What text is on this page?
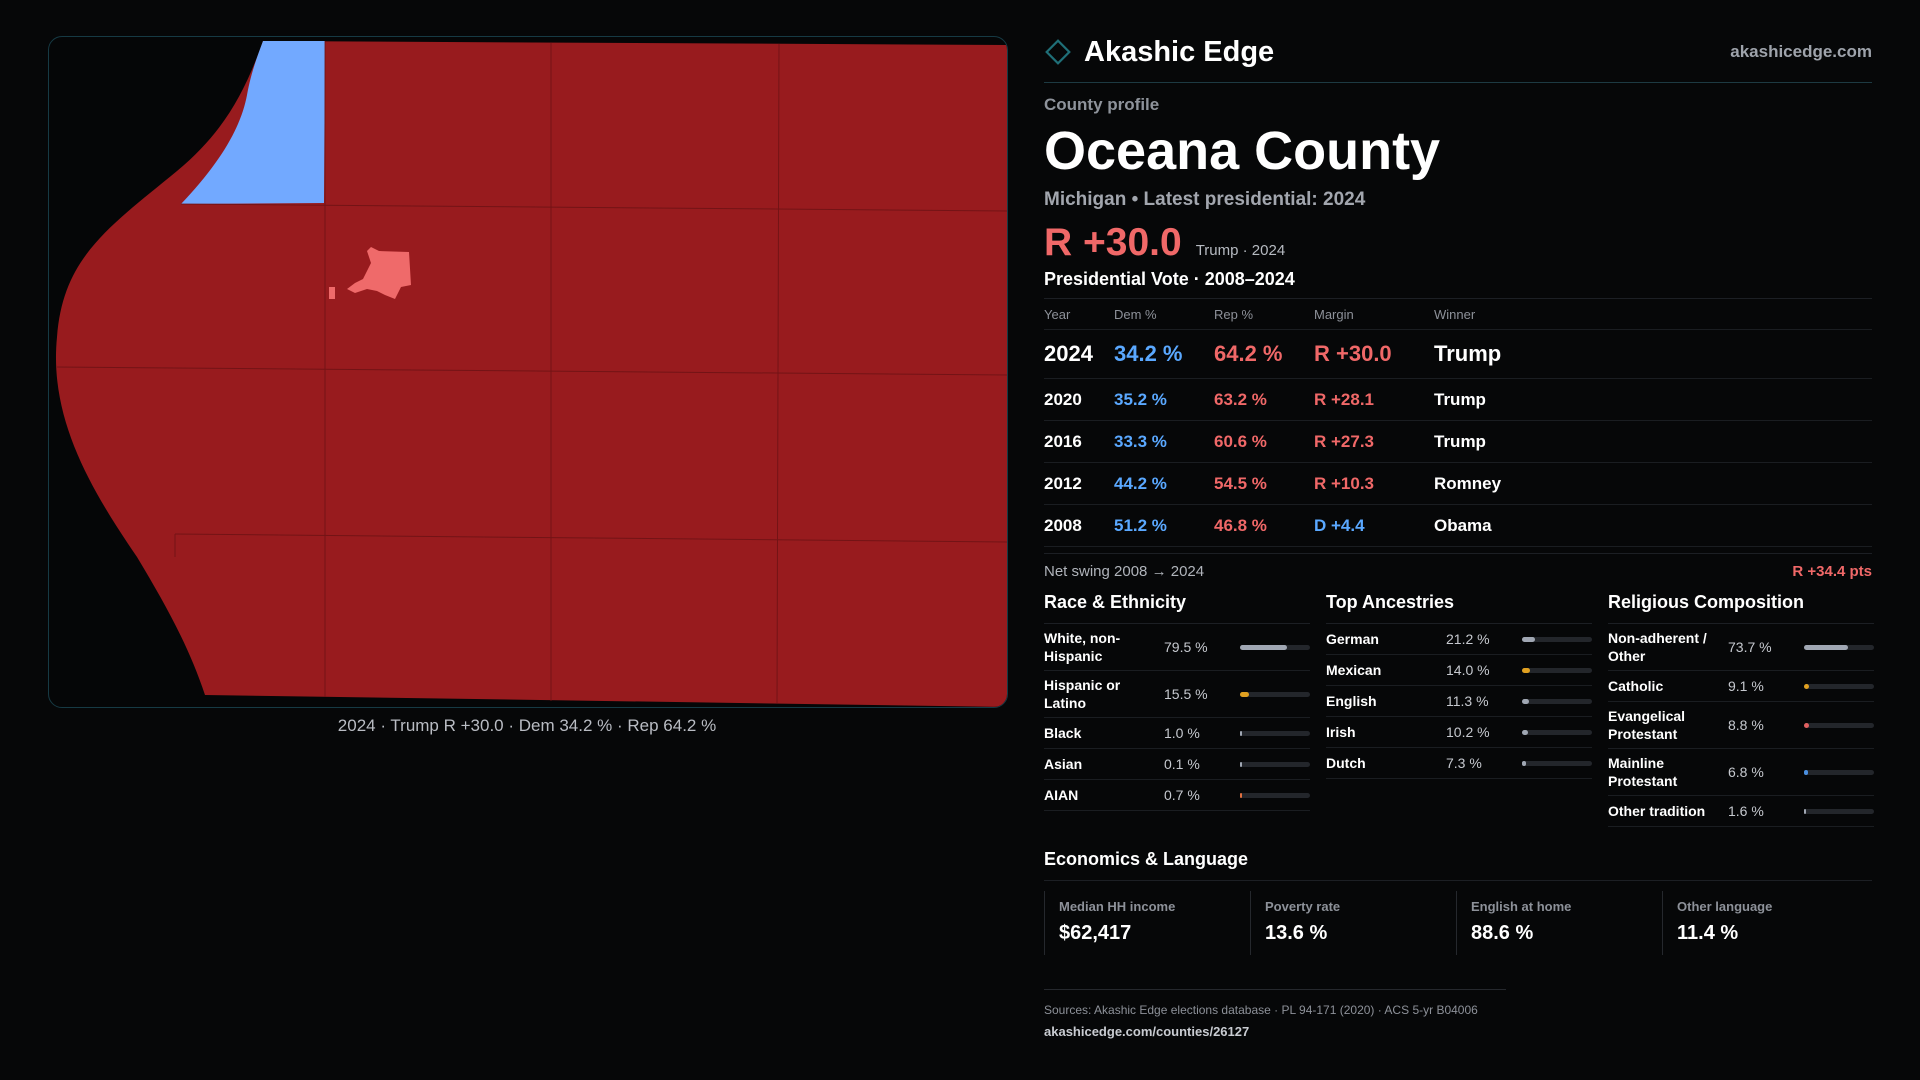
2024 · Trump R +30.0 · Dem 34.2 % · Rep 64.2 %
Akashic Edge	akashicedge.com
County profile
Oceana County
Michigan • Latest presidential: 2024
R +30.0 Trump · 2024
Presidential Vote · 2008–2024
Year	Dem %	Rep %	Margin	Winner
2024 34.2 %	64.2 %	R +30.0	Trump
2020	35.2 %	63.2 %	R +28.1	Trump
2016	33.3 %	60.6 %	R +27.3	Trump
2012	44.2 %	54.5 %	R +10.3	Romney
2008	51.2 %	46.8 %	D +4.4	Obama
Net swing 2008 → 2024	R +34.4 pts
Race & Ethnicity
White, non-Hispanic
79.5 %
Hispanic or Latino
15.5 %
Black	1.0 %
Asian	0.1 %
AIAN	0.7 %
Top Ancestries
German	21.2 %
Mexican	14.0 %
English	11.3 %
Irish	10.2 %
Dutch	7.3 %
Religious Composition
Non-adherent / Other
73.7 %
Catholic	9.1 %
Evangelical Protestant
8.8 %
Mainline Protestant
6.8 %
Other tradition	1.6 %
Economics & Language
Median HH income
$62,417
Poverty rate
13.6 %
English at home
88.6 %
Other language
11.4 %
Sources: Akashic Edge elections database · PL 94-171 (2020) · ACS 5-yr B04006
akashicedge.com/counties/26127
